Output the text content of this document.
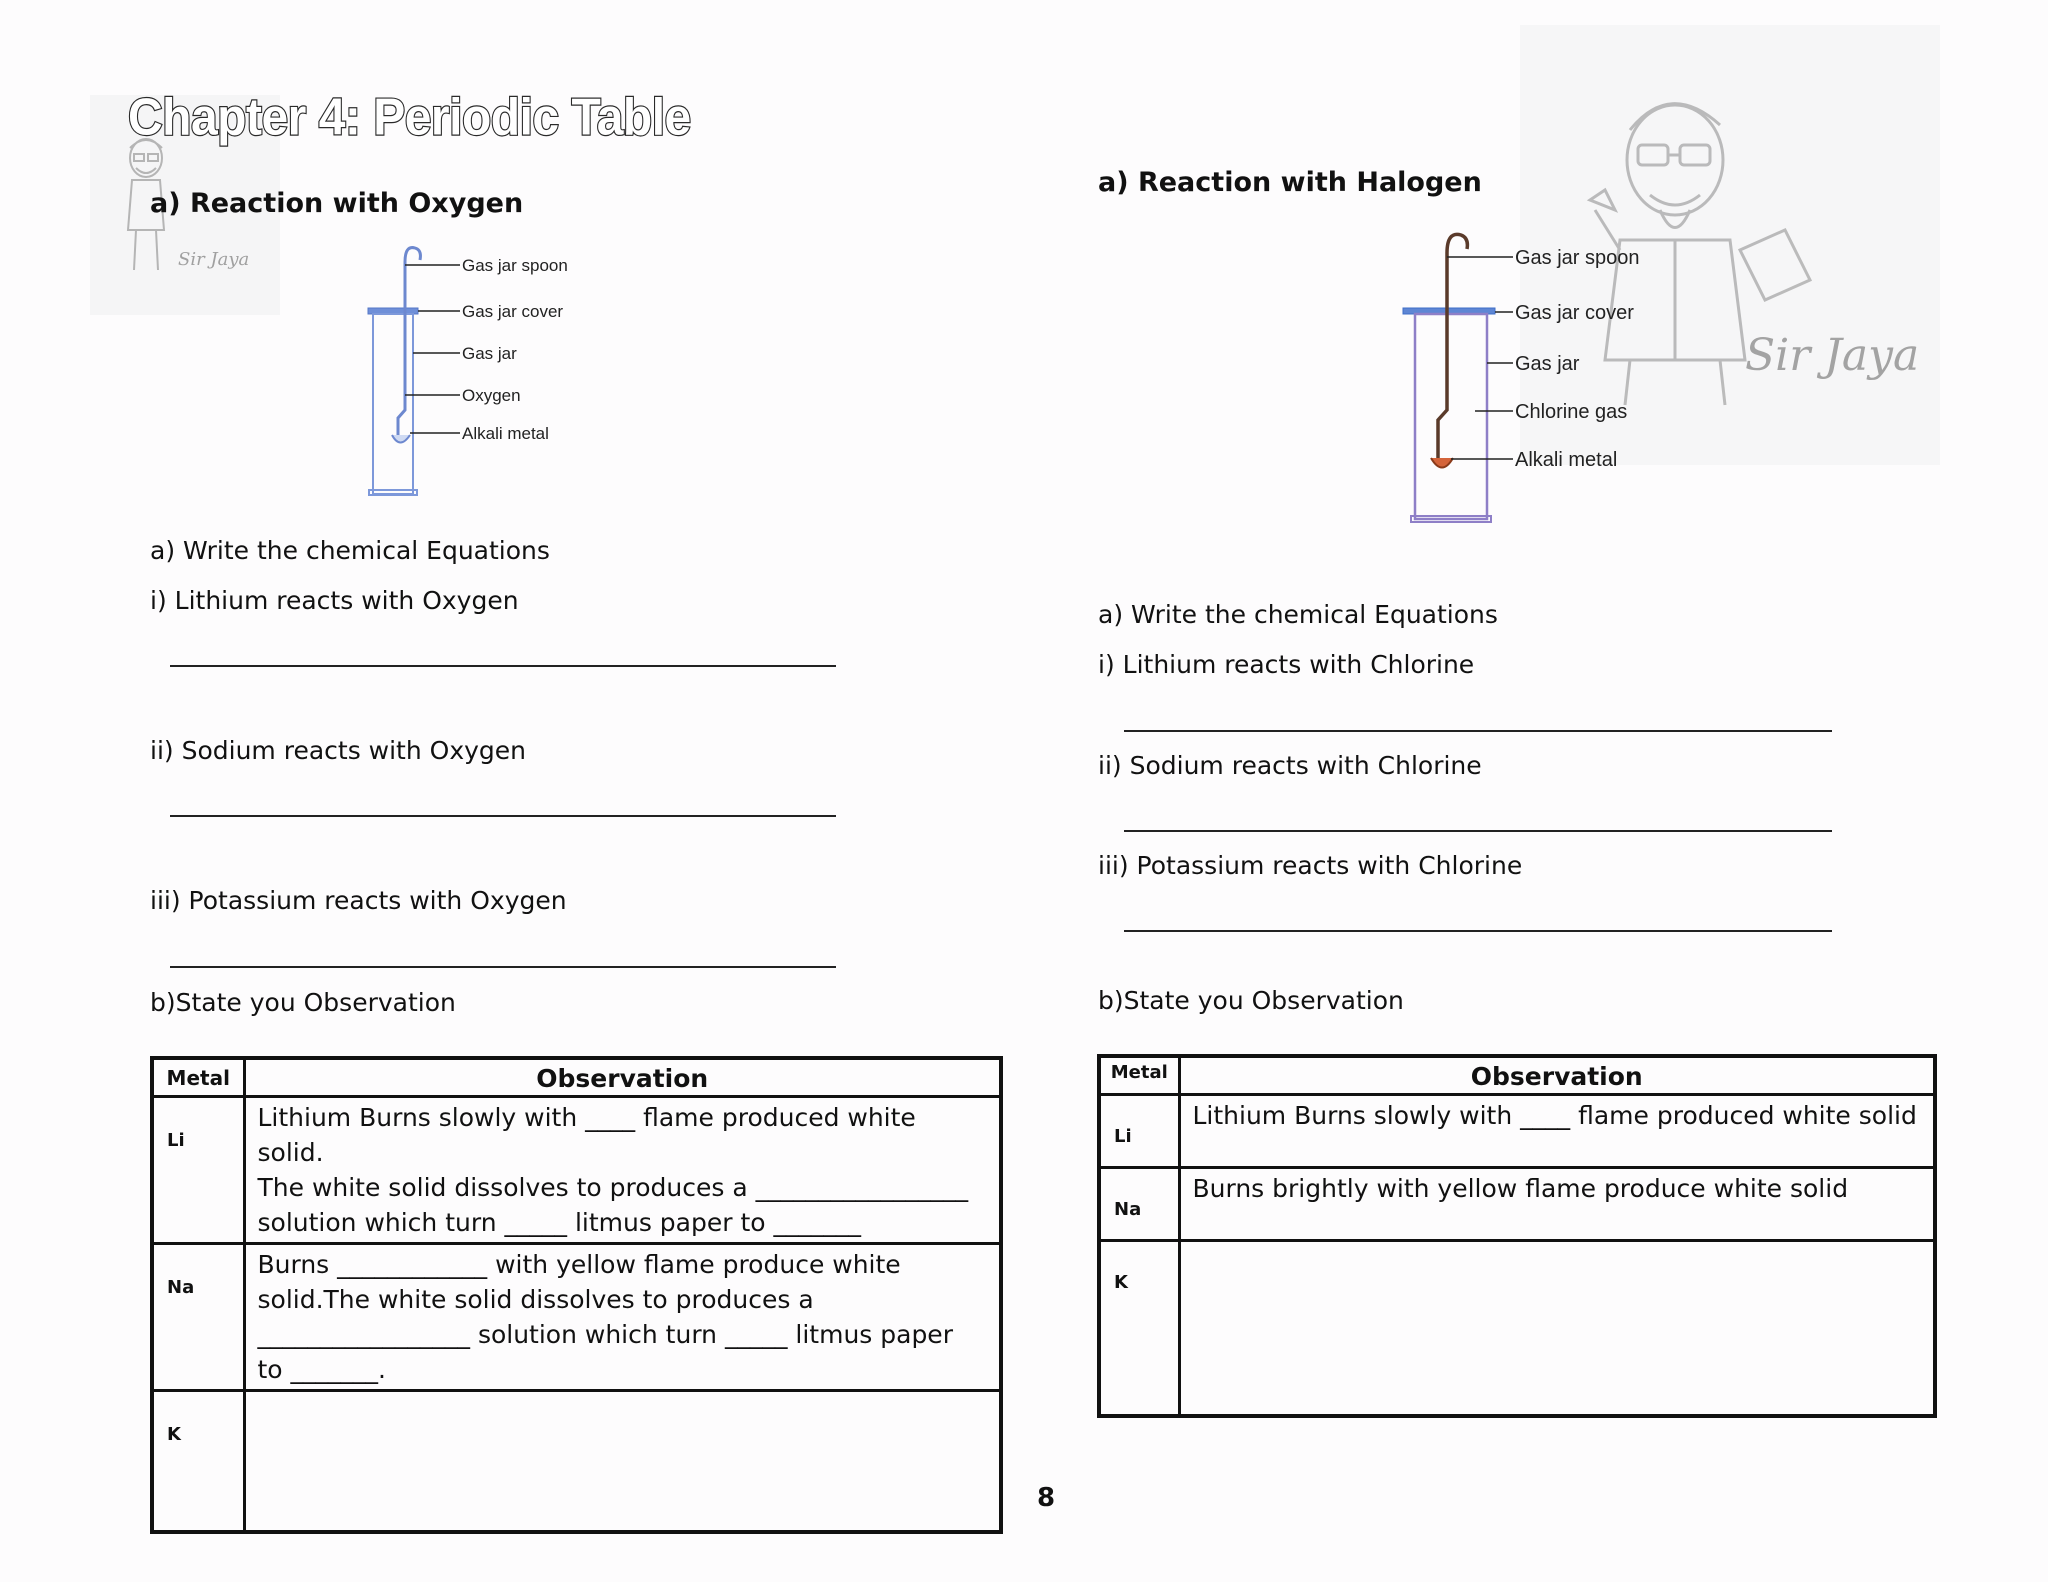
Sir Jaya
Sir Jaya
Chapter 4: Periodic Table
a) Reaction with Oxygen
Gas jar spoon
Gas jar cover
Gas jar
Oxygen
Alkali metal
a) Write the chemical Equations
i) Lithium reacts with Oxygen
ii) Sodium reacts with Oxygen
iii) Potassium reacts with Oxygen
b)State you Observation
Metal	Observation
Li	Lithium Burns slowly with ____ flame produced white solid.
The white solid dissolves to produces a _________________
solution which turn _____ litmus paper to _______

Na	Burns ____________ with yellow flame produce white
solid.The white solid dissolves to produces a
_________________ solution which turn _____ litmus paper
to _______.

K	
a) Reaction with Halogen
Gas jar spoon
Gas jar cover
Gas jar
Chlorine gas
Alkali metal
a) Write the chemical Equations
i) Lithium reacts with Chlorine
ii) Sodium reacts with Chlorine
iii) Potassium reacts with Chlorine
b)State you Observation
Metal	Observation
Li	Lithium Burns slowly with ____ flame produced white solid

Na	Burns brightly with yellow flame produce white solid

K	
8
